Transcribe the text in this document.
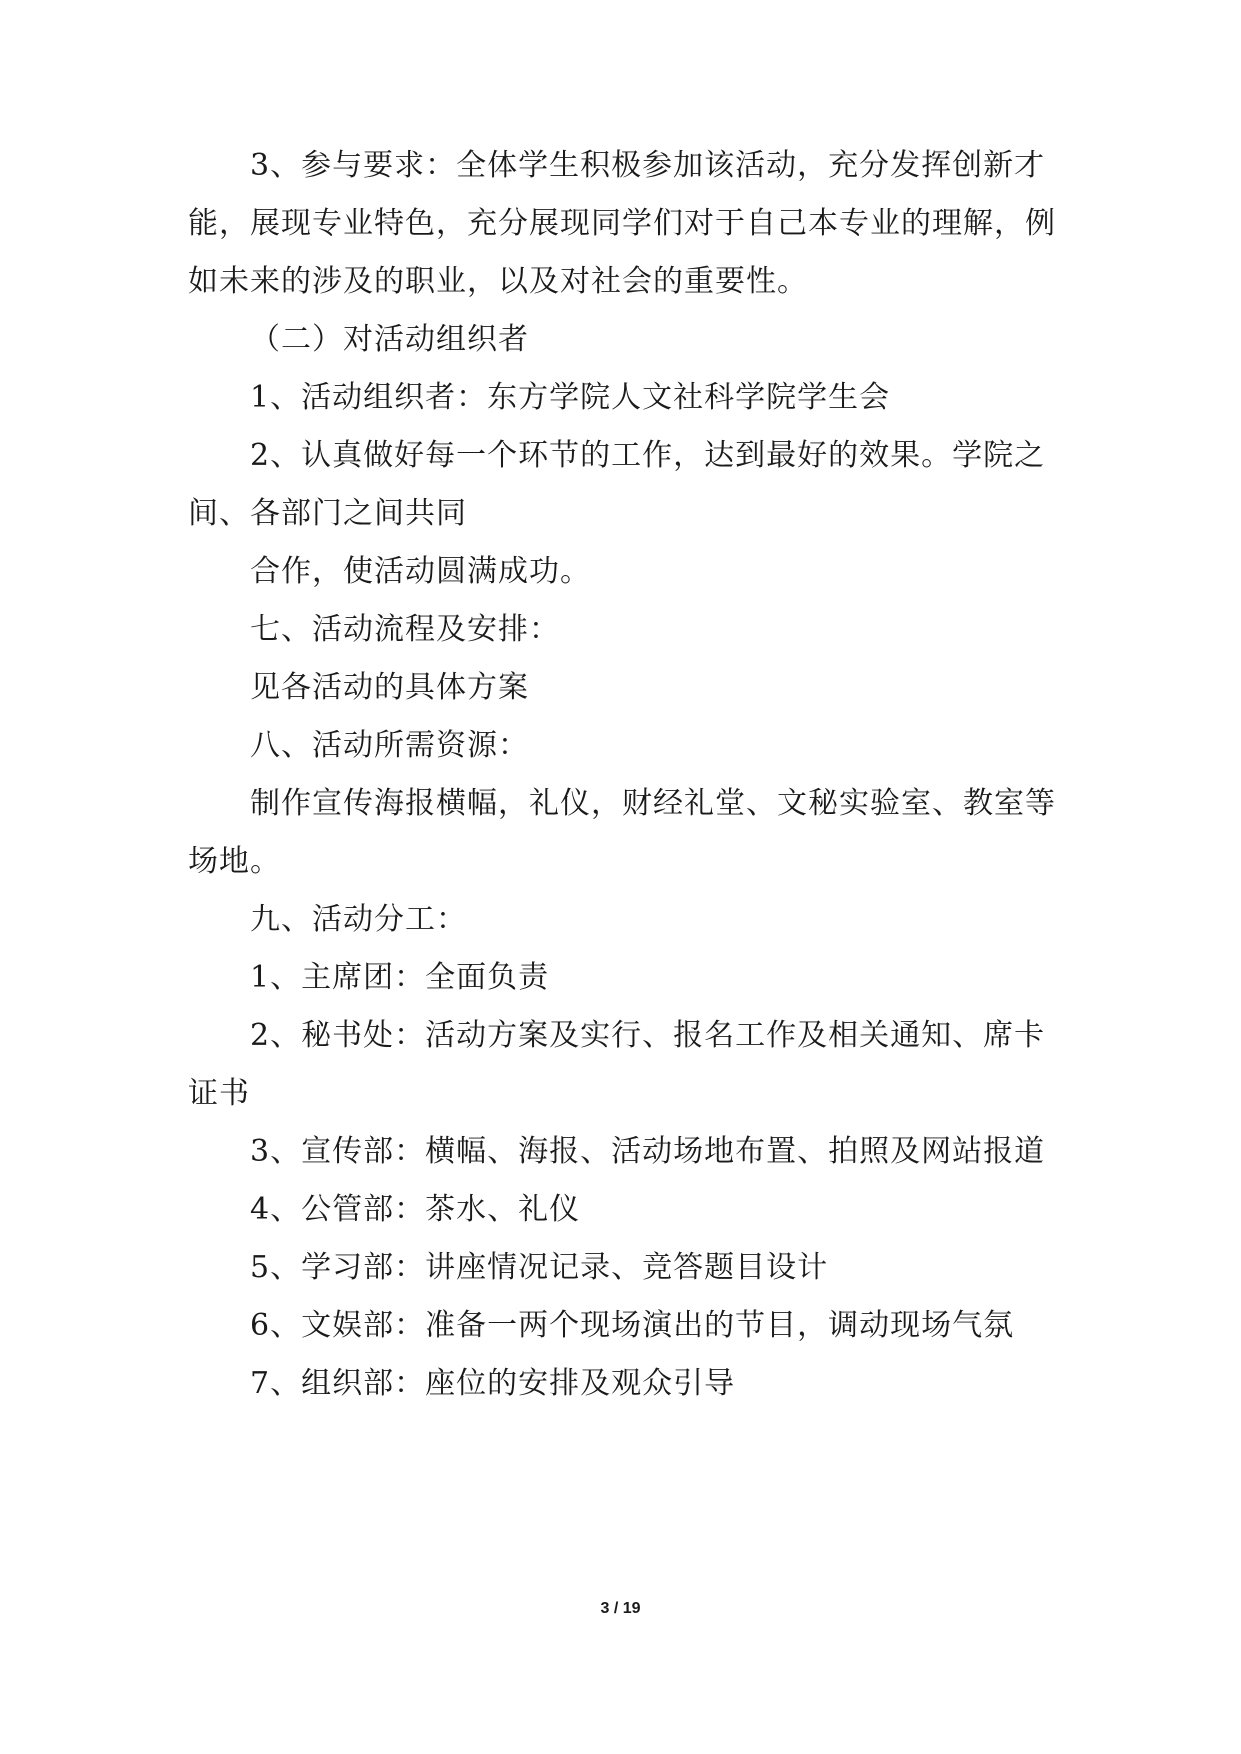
3、参与要求：全体学生积极参加该活动，充分发挥创新才
能，展现专业特色，充分展现同学们对于自己本专业的理解，例
如未来的涉及的职业，以及对社会的重要性。
（二）对活动组织者
1、活动组织者：东方学院人文社科学院学生会
2、认真做好每一个环节的工作，达到最好的效果。学院之
间、各部门之间共同
合作，使活动圆满成功。
七、活动流程及安排：
见各活动的具体方案
八、活动所需资源：
制作宣传海报横幅，礼仪，财经礼堂、文秘实验室、教室等
场地。
九、活动分工：
1、主席团：全面负责
2、秘书处：活动方案及实行、报名工作及相关通知、席卡
证书
3、宣传部：横幅、海报、活动场地布置、拍照及网站报道
4、公管部：茶水、礼仪
5、学习部：讲座情况记录、竞答题目设计
6、文娱部：准备一两个现场演出的节目，调动现场气氛
7、组织部：座位的安排及观众引导
3 / 19
